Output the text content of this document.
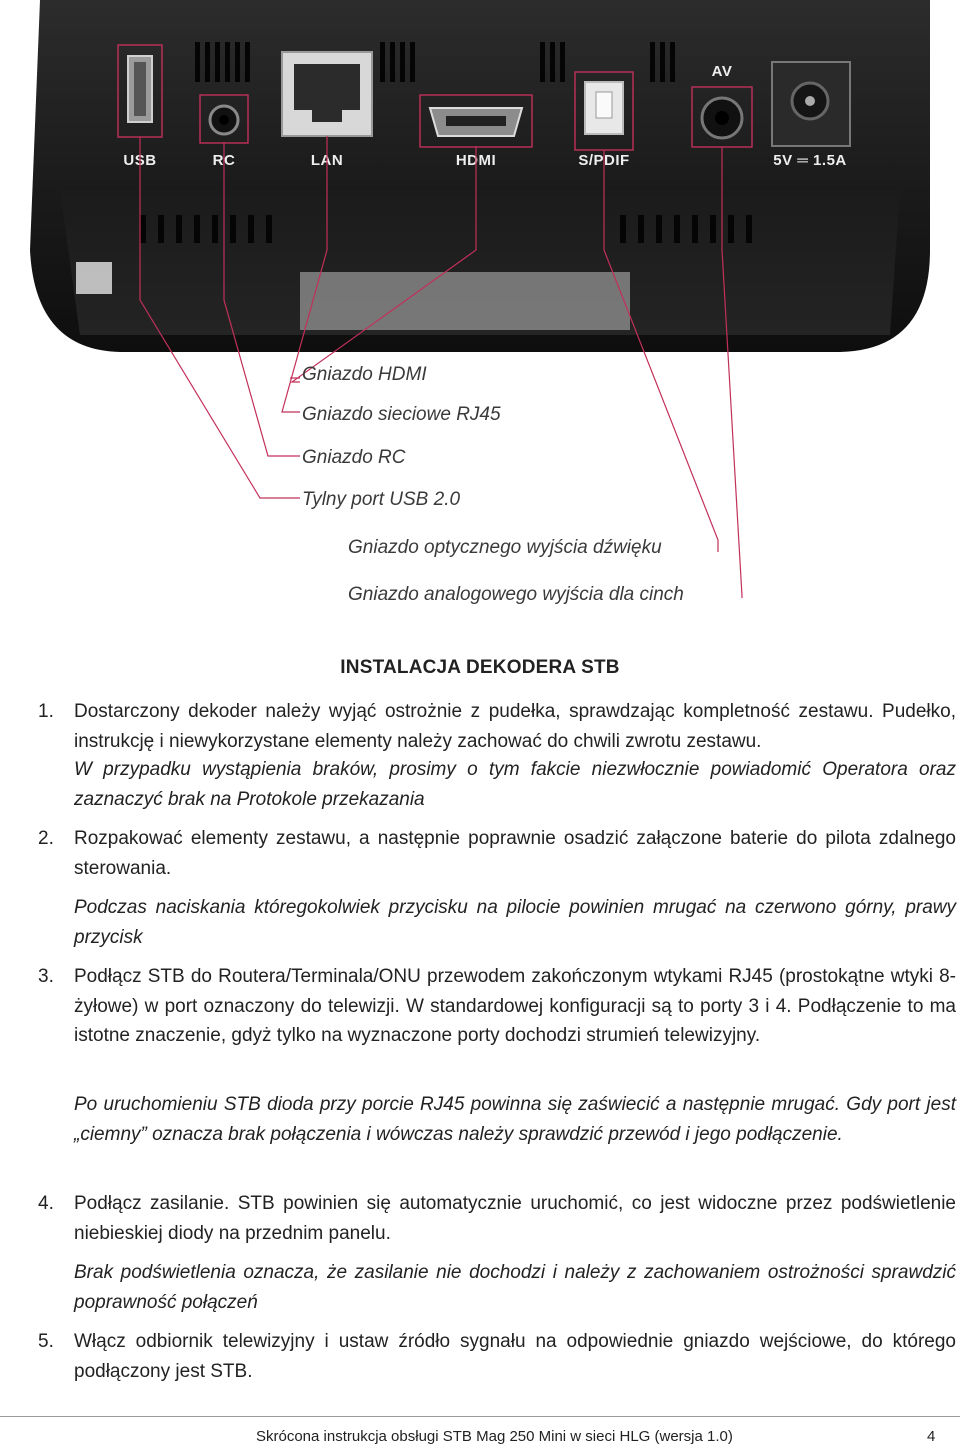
USB	RC	LAN	HDMI	S/PDIF
AV
5V ═ 1.5A
Gniazdo HDMI
Gniazdo sieciowe RJ45
Gniazdo RC
Tylny port USB 2.0
Gniazdo optycznego wyjścia dźwięku
Gniazdo analogowego wyjścia dla cinch
INSTALACJA DEKODERA STB
1. Dostarczony dekoder należy wyjąć ostrożnie z pudełka, sprawdzając kompletność zestawu. Pudełko, instrukcję i niewykorzystane elementy należy zachować do chwili zwrotu zestawu.

W przypadku wystąpienia braków, prosimy o tym fakcie niezwłocznie powiadomić Operatora oraz zaznaczyć brak na Protokole przekazania

2. Rozpakować elementy zestawu, a następnie poprawnie osadzić załączone baterie do pilota zdalnego sterowania.

Podczas naciskania któregokolwiek przycisku na pilocie powinien mrugać na czerwono górny, prawy przycisk

3. Podłącz STB do Routera/Terminala/ONU przewodem zakończonym wtykami RJ45 (prostokątne wtyki 8-żyłowe) w port oznaczony do telewizji. W standardowej konfiguracji są to porty 3 i 4. Podłączenie to ma istotne znaczenie, gdyż tylko na wyznaczone porty dochodzi strumień telewizyjny.

Po uruchomieniu STB dioda przy porcie RJ45 powinna się zaświecić a następnie mrugać. Gdy port jest „ciemny” oznacza brak połączenia i wówczas należy sprawdzić przewód i jego podłączenie.

4. Podłącz zasilanie. STB powinien się automatycznie uruchomić, co jest widoczne przez podświetlenie niebieskiej diody na przednim panelu.

Brak podświetlenia oznacza, że zasilanie nie dochodzi i należy z zachowaniem ostrożności sprawdzić poprawność połączeń

5. Włącz odbiornik telewizyjny i ustaw źródło sygnału na odpowiednie gniazdo wejściowe, do którego podłączony jest STB.

Skrócona instrukcja obsługi STB Mag 250 Mini w sieci HLG (wersja 1.0)	4
